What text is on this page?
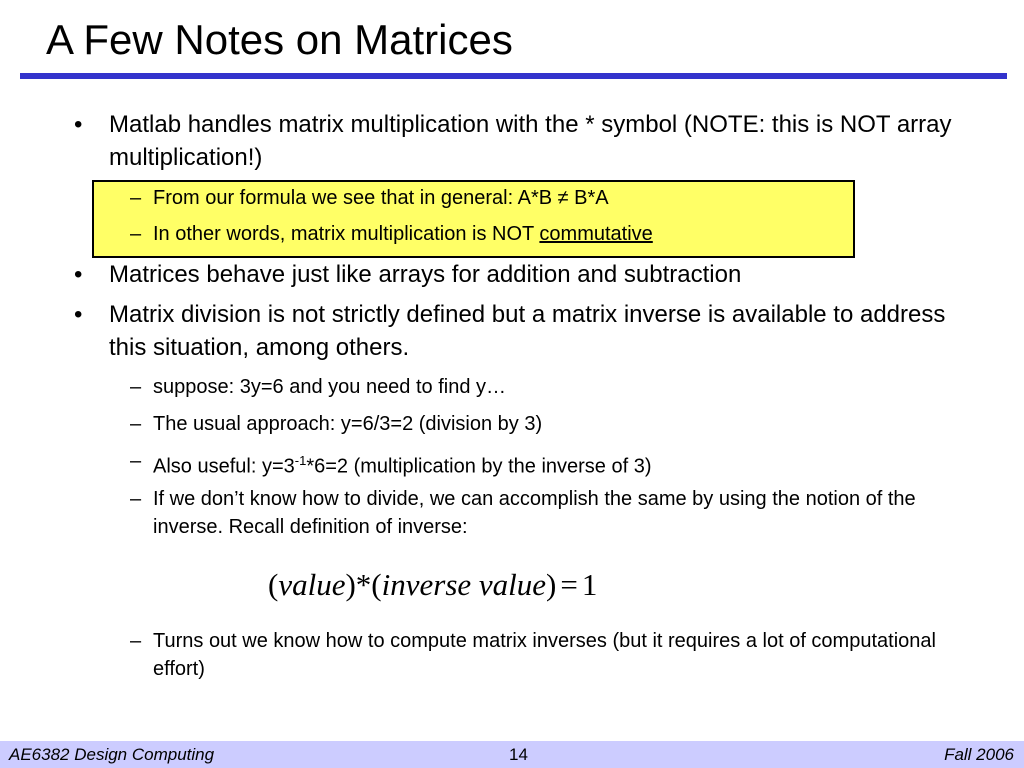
A Few Notes on Matrices
• Matlab handles matrix multiplication with the * symbol (NOTE: this is NOT array multiplication!)
– From our formula we see that in general: A*B ≠ B*A
– In other words, matrix multiplication is NOT commutative
• Matrices behave just like arrays for addition and subtraction
• Matrix division is not strictly defined but a matrix inverse is available to address this situation, among others.
– suppose: 3y=6 and you need to find y…
– The usual approach: y=6/3=2 (division by 3)
– Also useful: $y=3^{-1}*6=2$ (multiplication by the inverse of 3)
– If we don’t know how to divide, we can accomplish the same by using the notion of the inverse. Recall definition of inverse:
(value)*(inverse value) = 1
– Turns out we know how to compute matrix inverses (but it requires a lot of computational effort)
AE6382 Design Computing	14	Fall 2006
